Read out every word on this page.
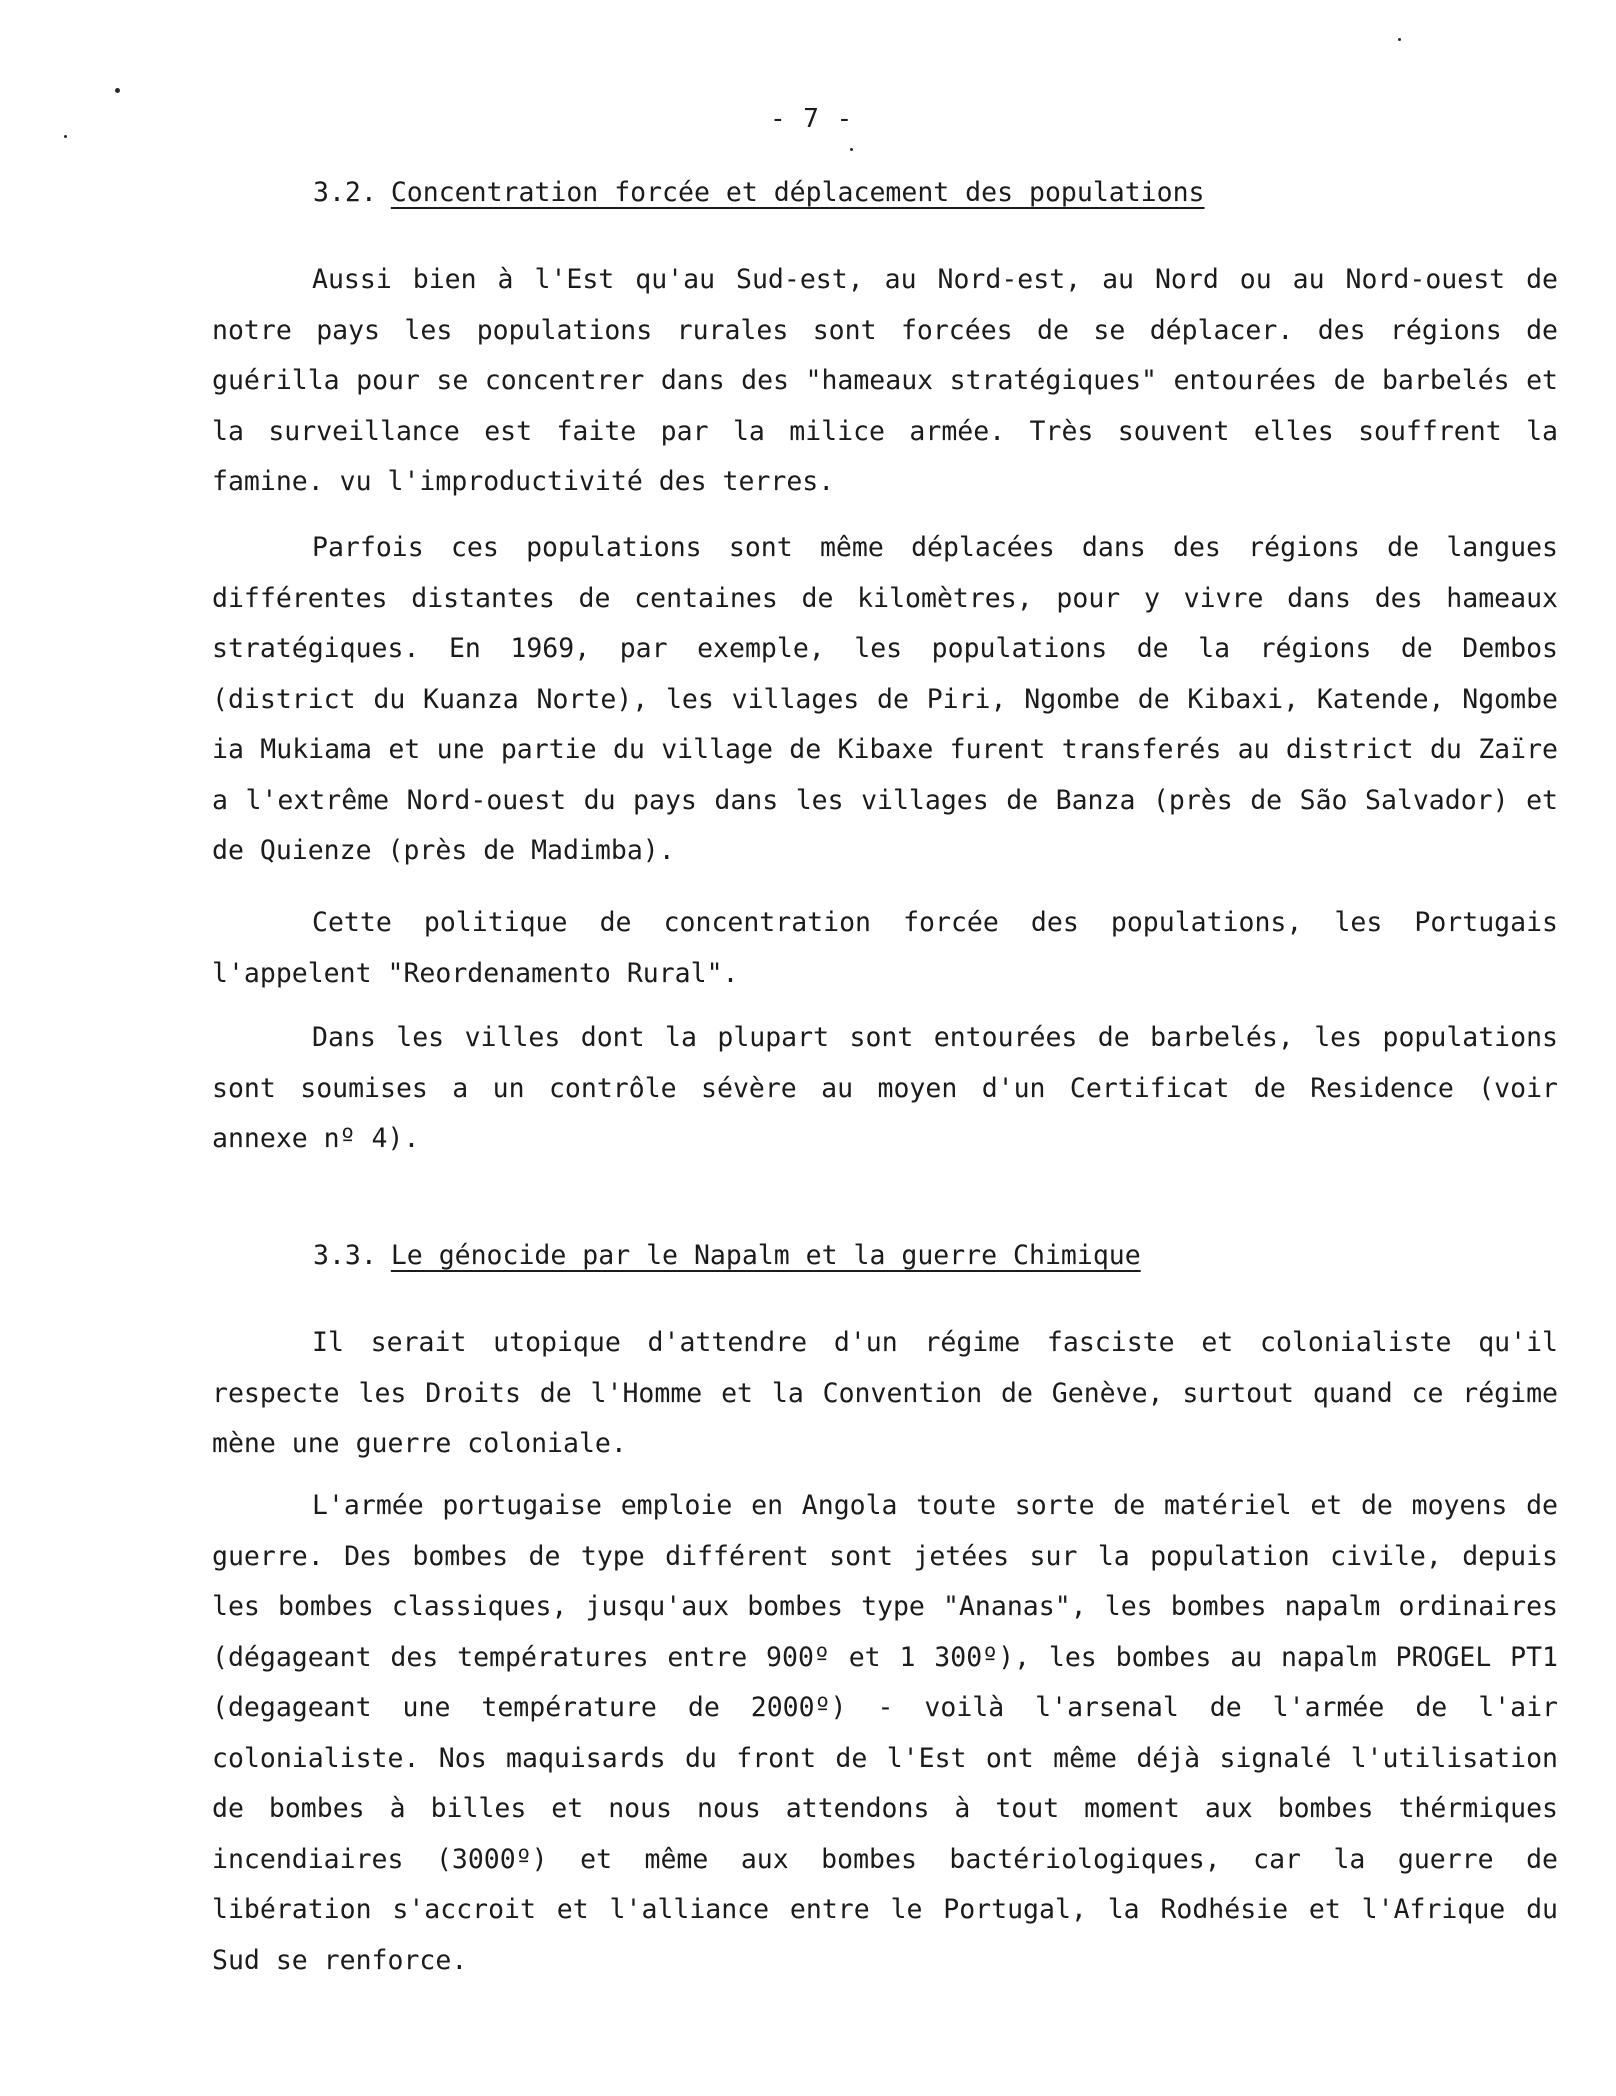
- 7 -
3.2. Concentration forcée et déplacement des populations

Aussi bien à l'Est qu'au Sud-est, au Nord-est, au Nord ou au Nord-ouest de notre pays les populations rurales sont forcées de se déplacer. des régions de guérilla pour se concentrer dans des "hameaux stratégiques" entourées de barbelés et la surveillance est faite par la milice armée. Très souvent elles souffrent la famine. vu l'improductivité des terres.

Parfois ces populations sont même déplacées dans des régions de langues différentes distantes de centaines de kilomètres, pour y vivre dans des hameaux stratégiques. En 1969, par exemple, les populations de la régions de Dembos (district du Kuanza Norte), les villages de Piri, Ngombe de Kibaxi, Katende, Ngombe ia Mukiama et une partie du village de Kibaxe furent transferés au district du Zaïre a l'extrême Nord-ouest du pays dans les villages de Banza (près de São Salvador) et de Quienze (près de Madimba).

Cette politique de concentration forcée des populations, les Portugais l'appelent "Reordenamento Rural".

Dans les villes dont la plupart sont entourées de barbelés, les populations sont soumises a un contrôle sévère au moyen d'un Certificat de Residence (voir annexe nº 4).

3.3. Le génocide par le Napalm et la guerre Chimique

Il serait utopique d'attendre d'un régime fasciste et colonialiste qu'il respecte les Droits de l'Homme et la Convention de Genève, surtout quand ce régime mène une guerre coloniale.

L'armée portugaise emploie en Angola toute sorte de matériel et de moyens de guerre. Des bombes de type différent sont jetées sur la population civile, depuis les bombes classiques, jusqu'aux bombes type "Ananas", les bombes napalm ordinaires (dégageant des températures entre 900º et 1 300º), les bombes au napalm PROGEL PT1 (degageant une température de 2000º) - voilà l'arsenal de l'armée de l'air colonialiste. Nos maquisards du front de l'Est ont même déjà signalé l'utilisation de bombes à billes et nous nous attendons à tout moment aux bombes thérmiques incendiaires (3000º) et même aux bombes bactériologiques, car la guerre de libération s'accroit et l'alliance entre le Portugal, la Rodhésie et l'Afrique du Sud se renforce.
